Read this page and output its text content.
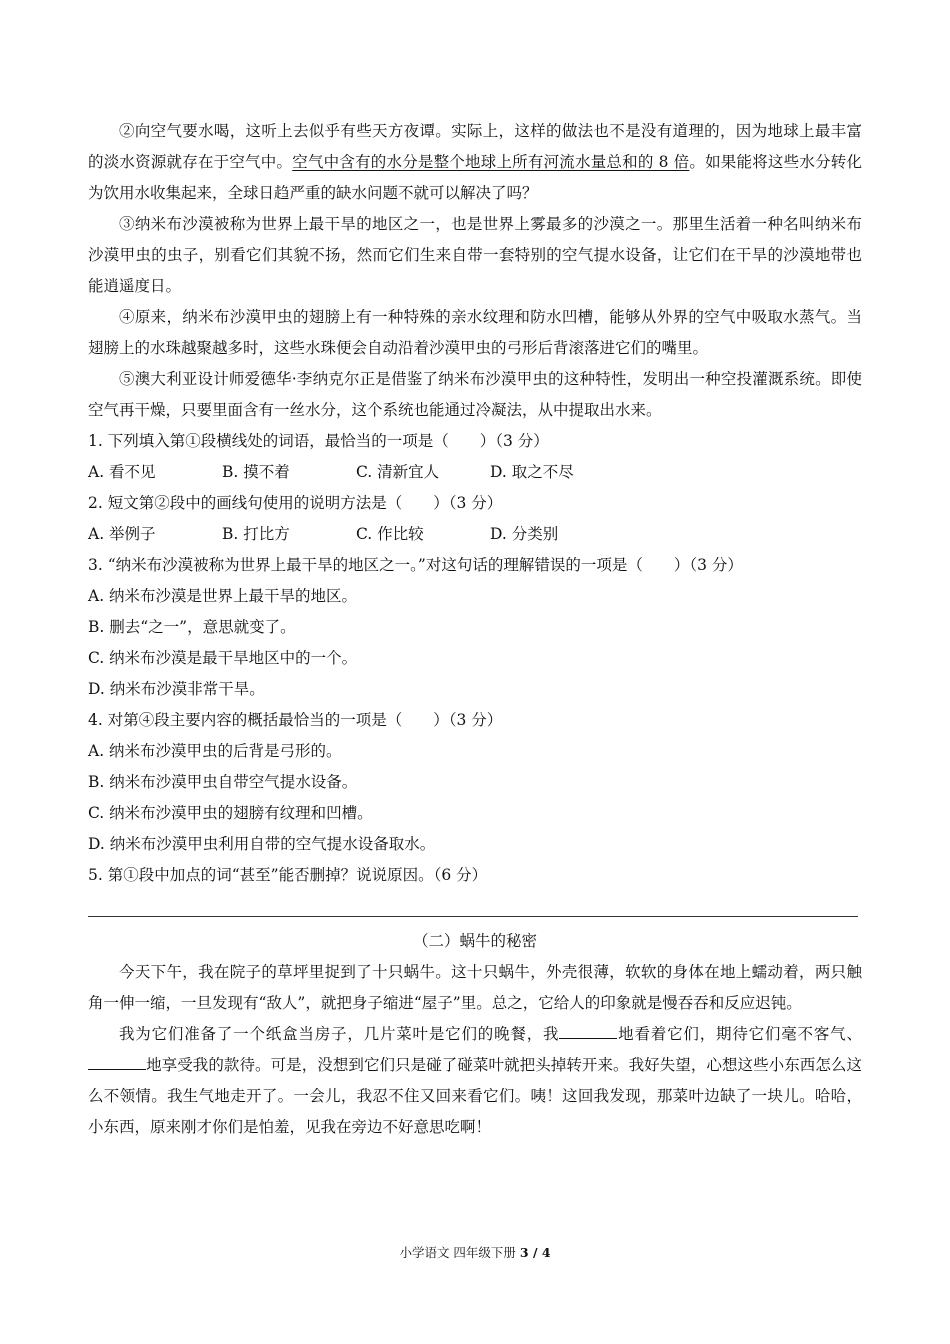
②向空气要水喝，这听上去似乎有些天方夜谭。实际上，这样的做法也不是没有道理的，因为地球上最丰富的淡水资源就存在于空气中。空气中含有的水分是整个地球上所有河流水量总和的 8 倍。如果能将这些水分转化为饮用水收集起来，全球日趋严重的缺水问题不就可以解决了吗？

③纳米布沙漠被称为世界上最干旱的地区之一，也是世界上雾最多的沙漠之一。那里生活着一种名叫纳米布沙漠甲虫的虫子，别看它们其貌不扬，然而它们生来自带一套特别的空气提水设备，让它们在干旱的沙漠地带也能逍遥度日。

④原来，纳米布沙漠甲虫的翅膀上有一种特殊的亲水纹理和防水凹槽，能够从外界的空气中吸取水蒸气。当翅膀上的水珠越聚越多时，这些水珠便会自动沿着沙漠甲虫的弓形后背滚落进它们的嘴里。

⑤澳大利亚设计师爱德华·李纳克尔正是借鉴了纳米布沙漠甲虫的这种特性，发明出一种空投灌溉系统。即使空气再干燥，只要里面含有一丝水分，这个系统也能通过冷凝法，从中提取出水来。

1. 下列填入第①段横线处的词语，最恰当的一项是（　　）（3 分）

A. 看不见	B. 摸不着	C. 清新宜人	D. 取之不尽

2. 短文第②段中的画线句使用的说明方法是（　　）（3 分）

A. 举例子	B. 打比方	C. 作比较	D. 分类别

3. “纳米布沙漠被称为世界上最干旱的地区之一。”对这句话的理解错误的一项是（　　）（3 分）

A. 纳米布沙漠是世界上最干旱的地区。

B. 删去“之一”，意思就变了。

C. 纳米布沙漠是最干旱地区中的一个。

D. 纳米布沙漠非常干旱。

4. 对第④段主要内容的概括最恰当的一项是（　　）（3 分）

A. 纳米布沙漠甲虫的后背是弓形的。

B. 纳米布沙漠甲虫自带空气提水设备。

C. 纳米布沙漠甲虫的翅膀有纹理和凹槽。

D. 纳米布沙漠甲虫利用自带的空气提水设备取水。

5. 第①段中加点的词“甚至”能否删掉？说说原因。（6 分）

（二）蜗牛的秘密

今天下午，我在院子的草坪里捉到了十只蜗牛。这十只蜗牛，外壳很薄，软软的身体在地上蠕动着，两只触角一伸一缩，一旦发现有“敌人”，就把身子缩进“屋子”里。总之，它给人的印象就是慢吞吞和反应迟钝。

我为它们准备了一个纸盒当房子，几片菜叶是它们的晚餐，我	地看着它们，期待它们毫不客气、地享受我的款待。可是，没想到它们只是碰了碰菜叶就把头掉转开来。我好失望，心想这些小东西怎么这么不领情。我生气地走开了。一会儿，我忍不住又回来看它们。咦！这回我发现，那菜叶边缺了一块儿。哈哈，小东西，原来刚才你们是怕羞，见我在旁边不好意思吃啊！

小学语文 四年级下册 3 / 4
